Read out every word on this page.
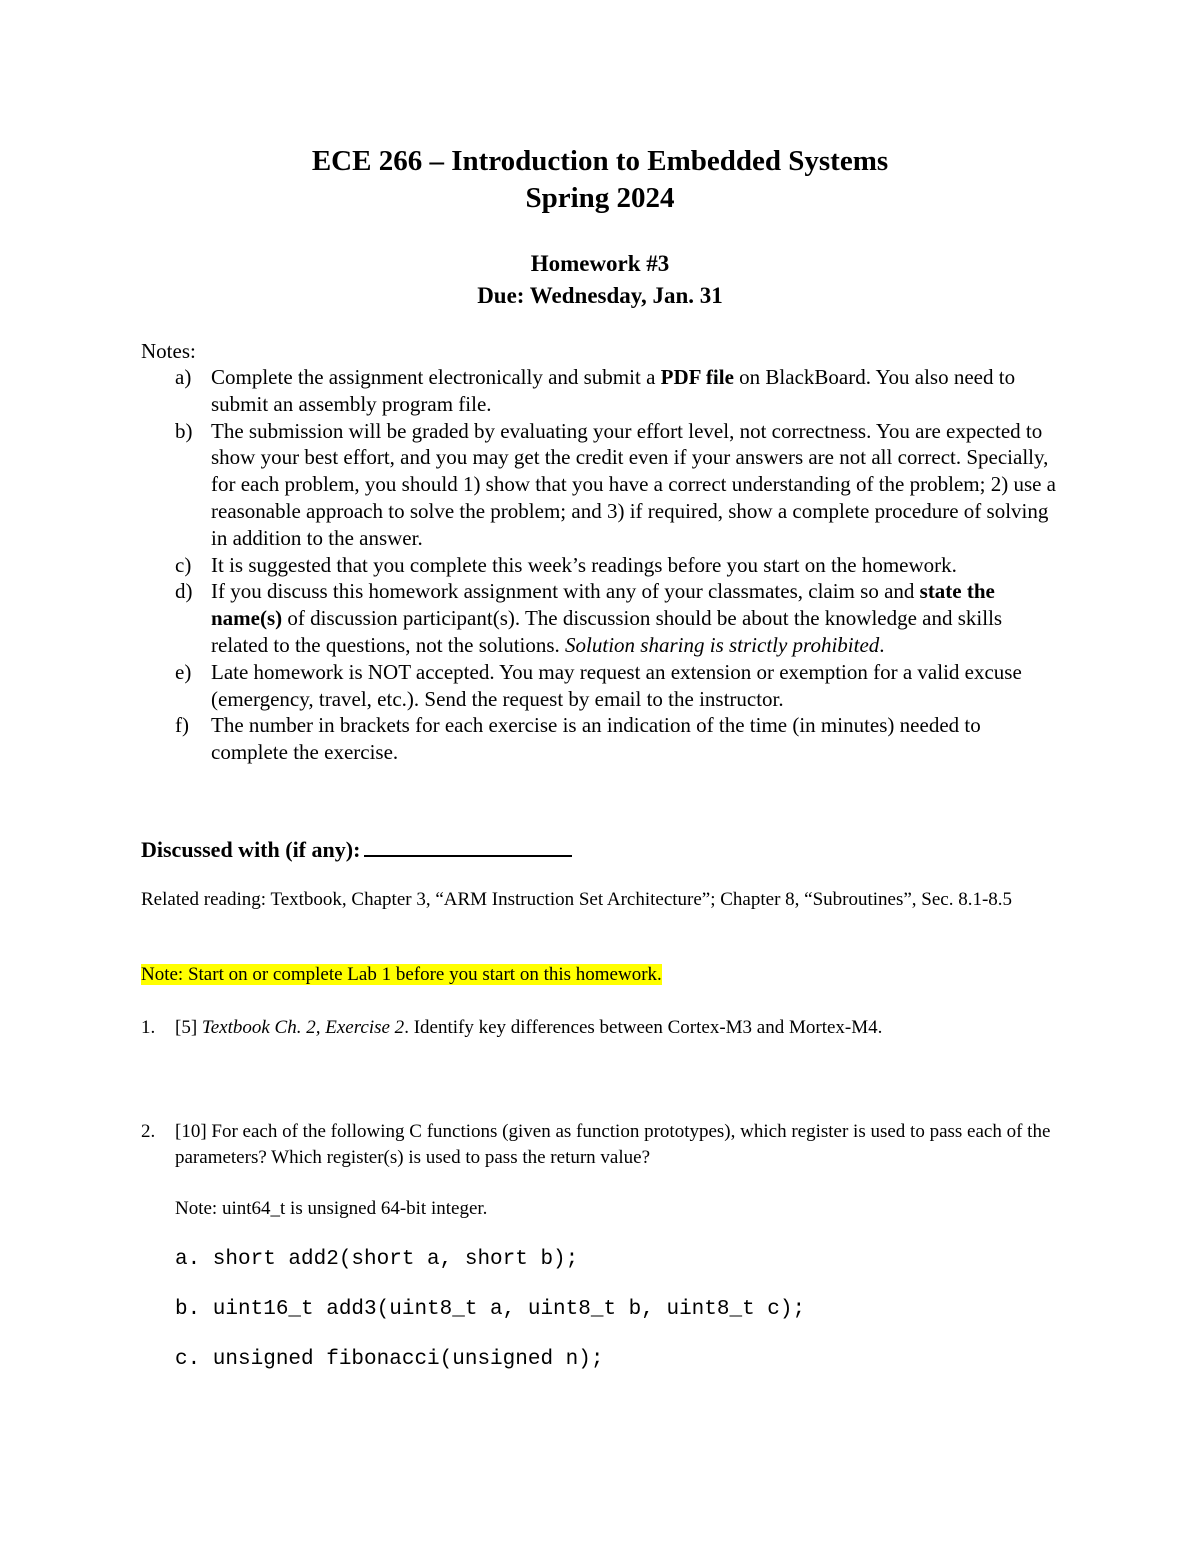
ECE 266 – Introduction to Embedded Systems
Spring 2024
Homework #3
Due: Wednesday, Jan. 31
Notes:
a) Complete the assignment electronically and submit a PDF file on BlackBoard. You also need to submit an assembly program file.
b) The submission will be graded by evaluating your effort level, not correctness. You are expected to show your best effort, and you may get the credit even if your answers are not all correct. Specially, for each problem, you should 1) show that you have a correct understanding of the problem; 2) use a reasonable approach to solve the problem; and 3) if required, show a complete procedure of solving in addition to the answer.
c) It is suggested that you complete this week’s readings before you start on the homework.
d) If you discuss this homework assignment with any of your classmates, claim so and state the name(s) of discussion participant(s). The discussion should be about the knowledge and skills related to the questions, not the solutions. Solution sharing is strictly prohibited.
e) Late homework is NOT accepted. You may request an extension or exemption for a valid excuse (emergency, travel, etc.). Send the request by email to the instructor.
f) The number in brackets for each exercise is an indication of the time (in minutes) needed to complete the exercise.
Discussed with (if any):
Related reading: Textbook, Chapter 3, “ARM Instruction Set Architecture”; Chapter 8, “Subroutines”, Sec. 8.1-8.5
Note: Start on or complete Lab 1 before you start on this homework.
1.	[5] Textbook Ch. 2, Exercise 2. Identify key differences between Cortex-M3 and Mortex-M4.
2.	[10] For each of the following C functions (given as function prototypes), which register is used to pass each of the parameters? Which register(s) is used to pass the return value?
Note: uint64_t is unsigned 64-bit integer.
a. short add2(short a, short b);
b. uint16_t add3(uint8_t a, uint8_t b, uint8_t c);
c. unsigned fibonacci(unsigned n);
